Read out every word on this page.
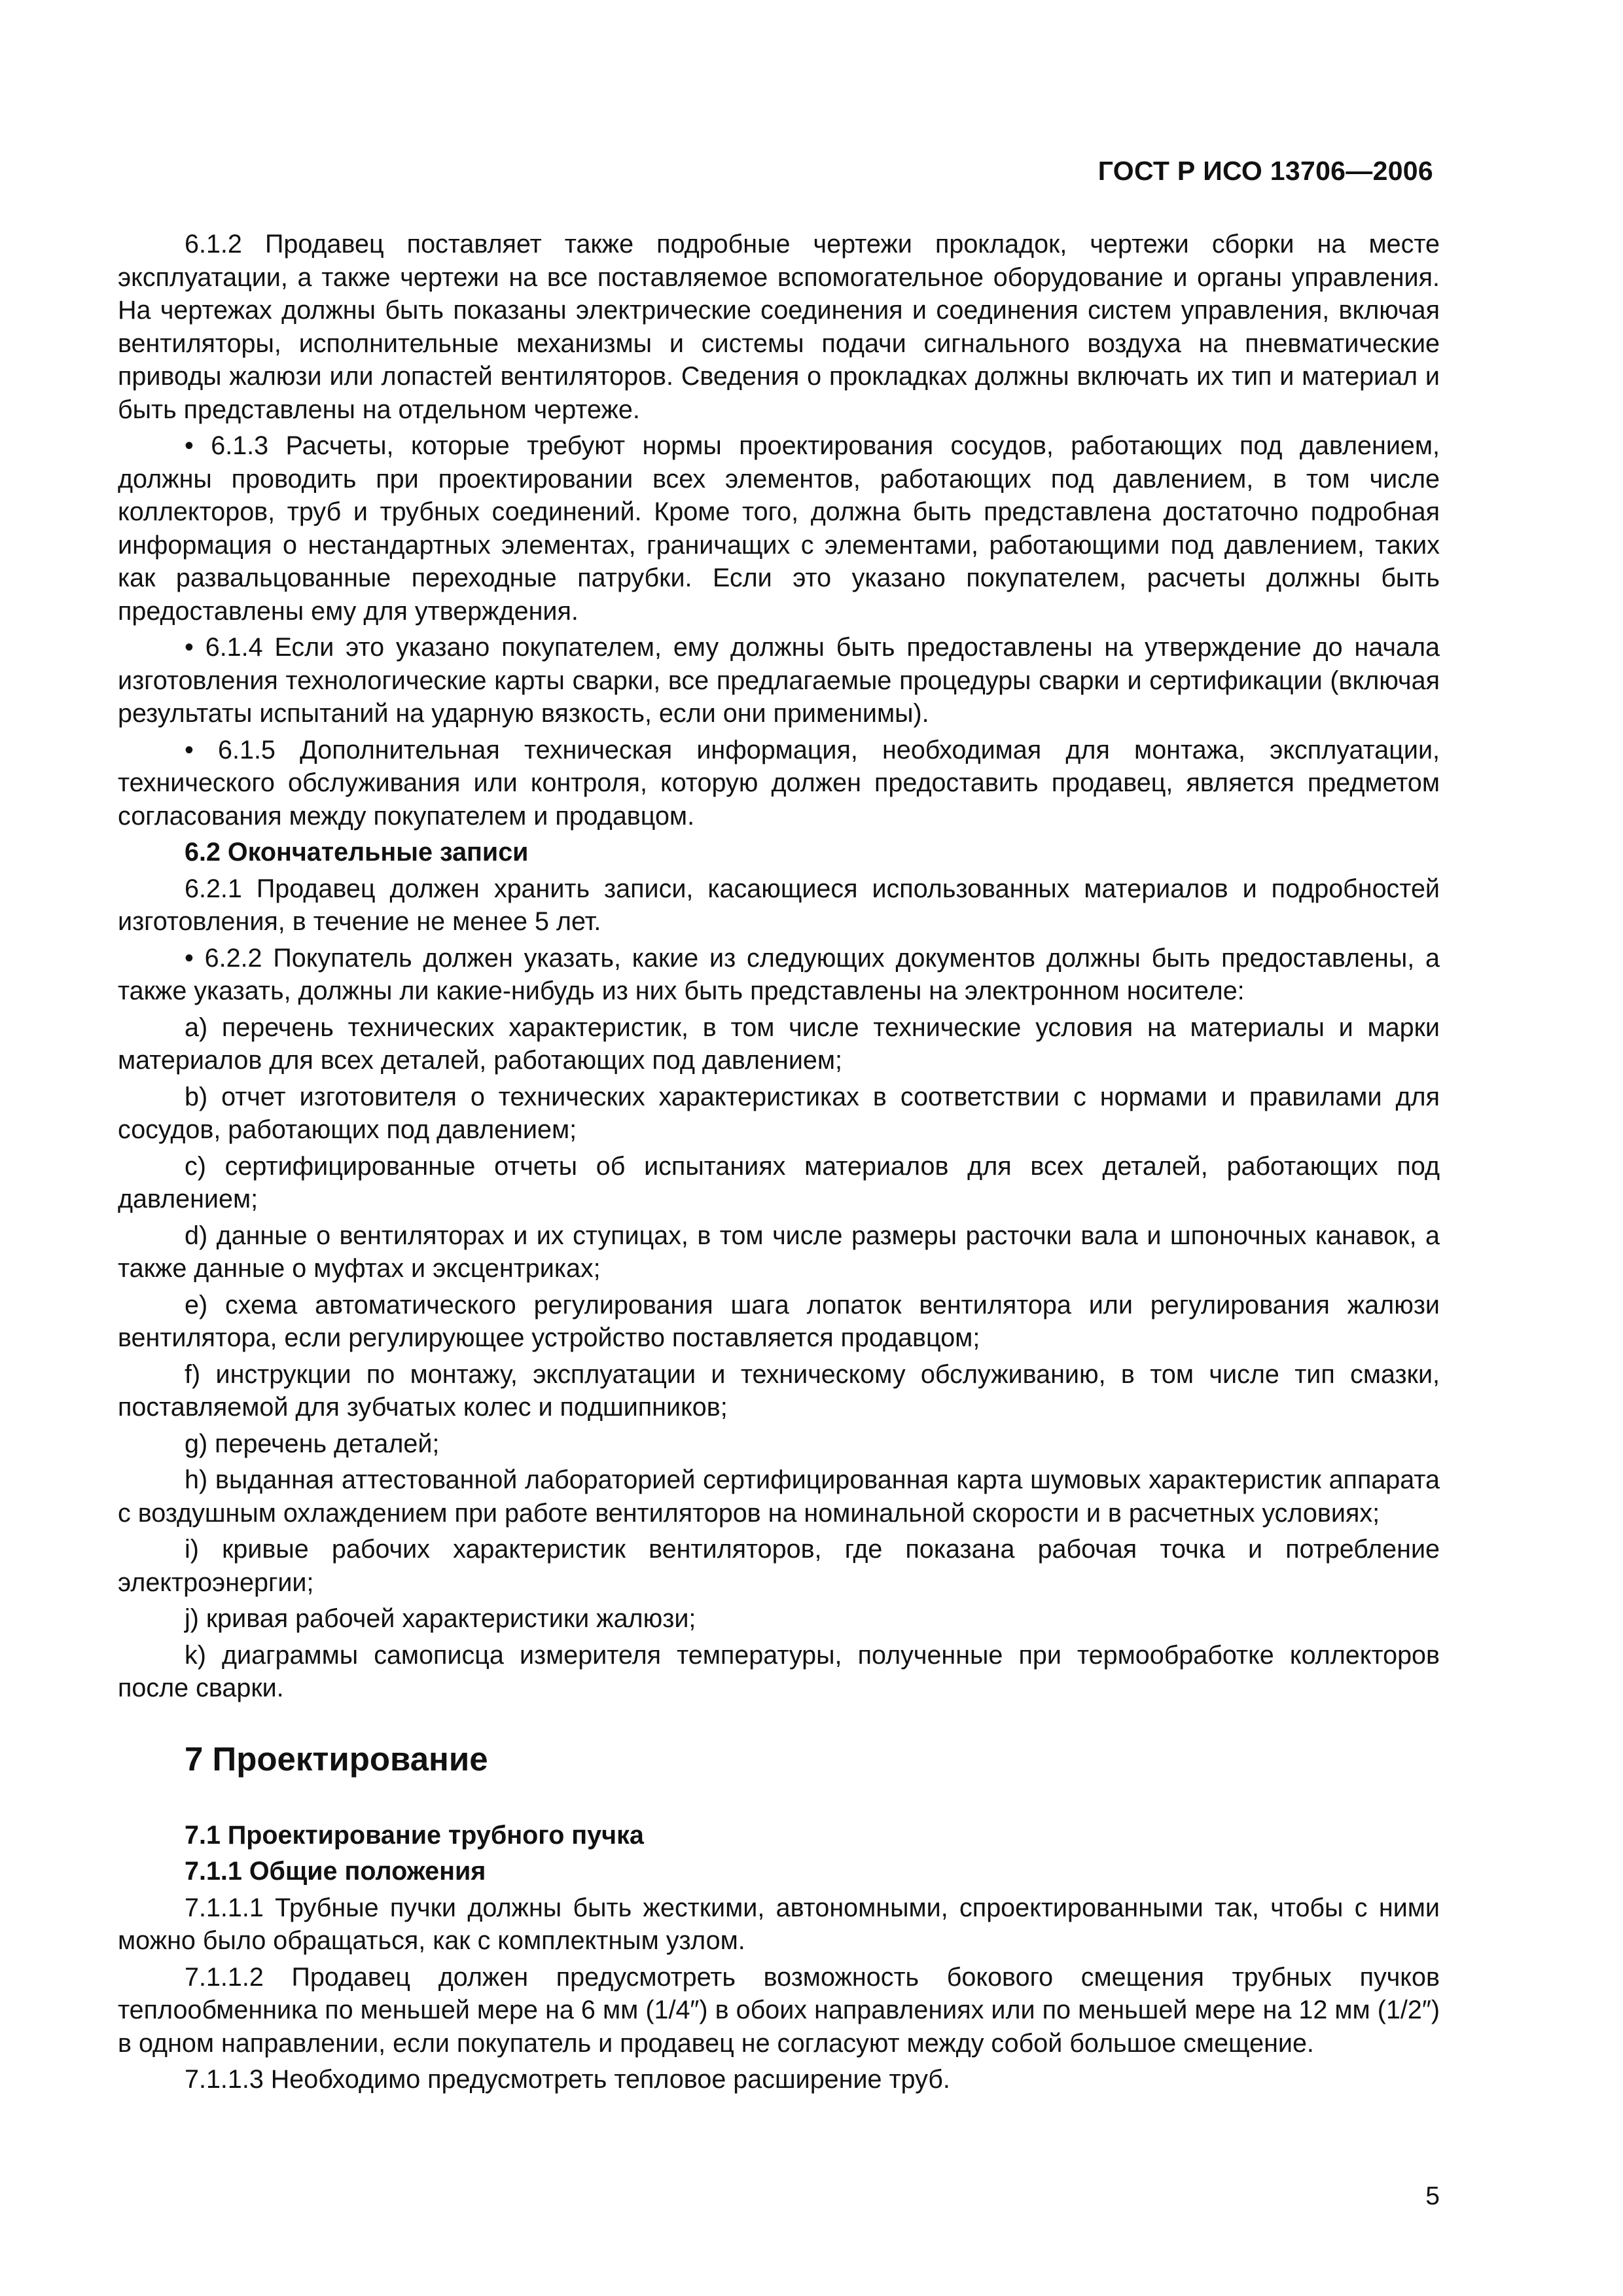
ГОСТ Р ИСО 13706—2006

6.1.2 Продавец поставляет также подробные чертежи прокладок, чертежи сборки на месте эксплуатации, а также чертежи на все поставляемое вспомогательное оборудование и органы управления. На чертежах должны быть показаны электрические соединения и соединения систем управления, включая вентиляторы, исполнительные механизмы и системы подачи сигнального воздуха на пневматические приводы жалюзи или лопастей вентиляторов. Сведения о прокладках должны включать их тип и материал и быть представлены на отдельном чертеже.

• 6.1.3 Расчеты, которые требуют нормы проектирования сосудов, работающих под давлением, должны проводить при проектировании всех элементов, работающих под давлением, в том числе коллекторов, труб и трубных соединений. Кроме того, должна быть представлена достаточно подробная информация о нестандартных элементах, граничащих с элементами, работающими под давлением, таких как развальцованные переходные патрубки. Если это указано покупателем, расчеты должны быть предоставлены ему для утверждения.

• 6.1.4 Если это указано покупателем, ему должны быть предоставлены на утверждение до начала изготовления технологические карты сварки, все предлагаемые процедуры сварки и сертификации (включая результаты испытаний на ударную вязкость, если они применимы).

• 6.1.5 Дополнительная техническая информация, необходимая для монтажа, эксплуатации, технического обслуживания или контроля, которую должен предоставить продавец, является предметом согласования между покупателем и продавцом.

6.2 Окончательные записи

6.2.1 Продавец должен хранить записи, касающиеся использованных материалов и подробностей изготовления, в течение не менее 5 лет.

• 6.2.2 Покупатель должен указать, какие из следующих документов должны быть предоставлены, а также указать, должны ли какие-нибудь из них быть представлены на электронном носителе:

a) перечень технических характеристик, в том числе технические условия на материалы и марки материалов для всех деталей, работающих под давлением;

b) отчет изготовителя о технических характеристиках в соответствии с нормами и правилами для сосудов, работающих под давлением;

c) сертифицированные отчеты об испытаниях материалов для всех деталей, работающих под давлением;

d) данные о вентиляторах и их ступицах, в том числе размеры расточки вала и шпоночных канавок, а также данные о муфтах и эксцентриках;

e) схема автоматического регулирования шага лопаток вентилятора или регулирования жалюзи вентилятора, если регулирующее устройство поставляется продавцом;

f) инструкции по монтажу, эксплуатации и техническому обслуживанию, в том числе тип смазки, поставляемой для зубчатых колес и подшипников;

g) перечень деталей;

h) выданная аттестованной лабораторией сертифицированная карта шумовых характеристик аппарата с воздушным охлаждением при работе вентиляторов на номинальной скорости и в расчетных условиях;

i) кривые рабочих характеристик вентиляторов, где показана рабочая точка и потребление электроэнергии;

j) кривая рабочей характеристики жалюзи;

k) диаграммы самописца измерителя температуры, полученные при термообработке коллекторов после сварки.

7 Проектирование

7.1 Проектирование трубного пучка

7.1.1 Общие положения

7.1.1.1 Трубные пучки должны быть жесткими, автономными, спроектированными так, чтобы с ними можно было обращаться, как с комплектным узлом.

7.1.1.2 Продавец должен предусмотреть возможность бокового смещения трубных пучков теплообменника по меньшей мере на 6 мм (1/4″) в обоих направлениях или по меньшей мере на 12 мм (1/2″) в одном направлении, если покупатель и продавец не согласуют между собой большое смещение.

7.1.1.3 Необходимо предусмотреть тепловое расширение труб.

5
